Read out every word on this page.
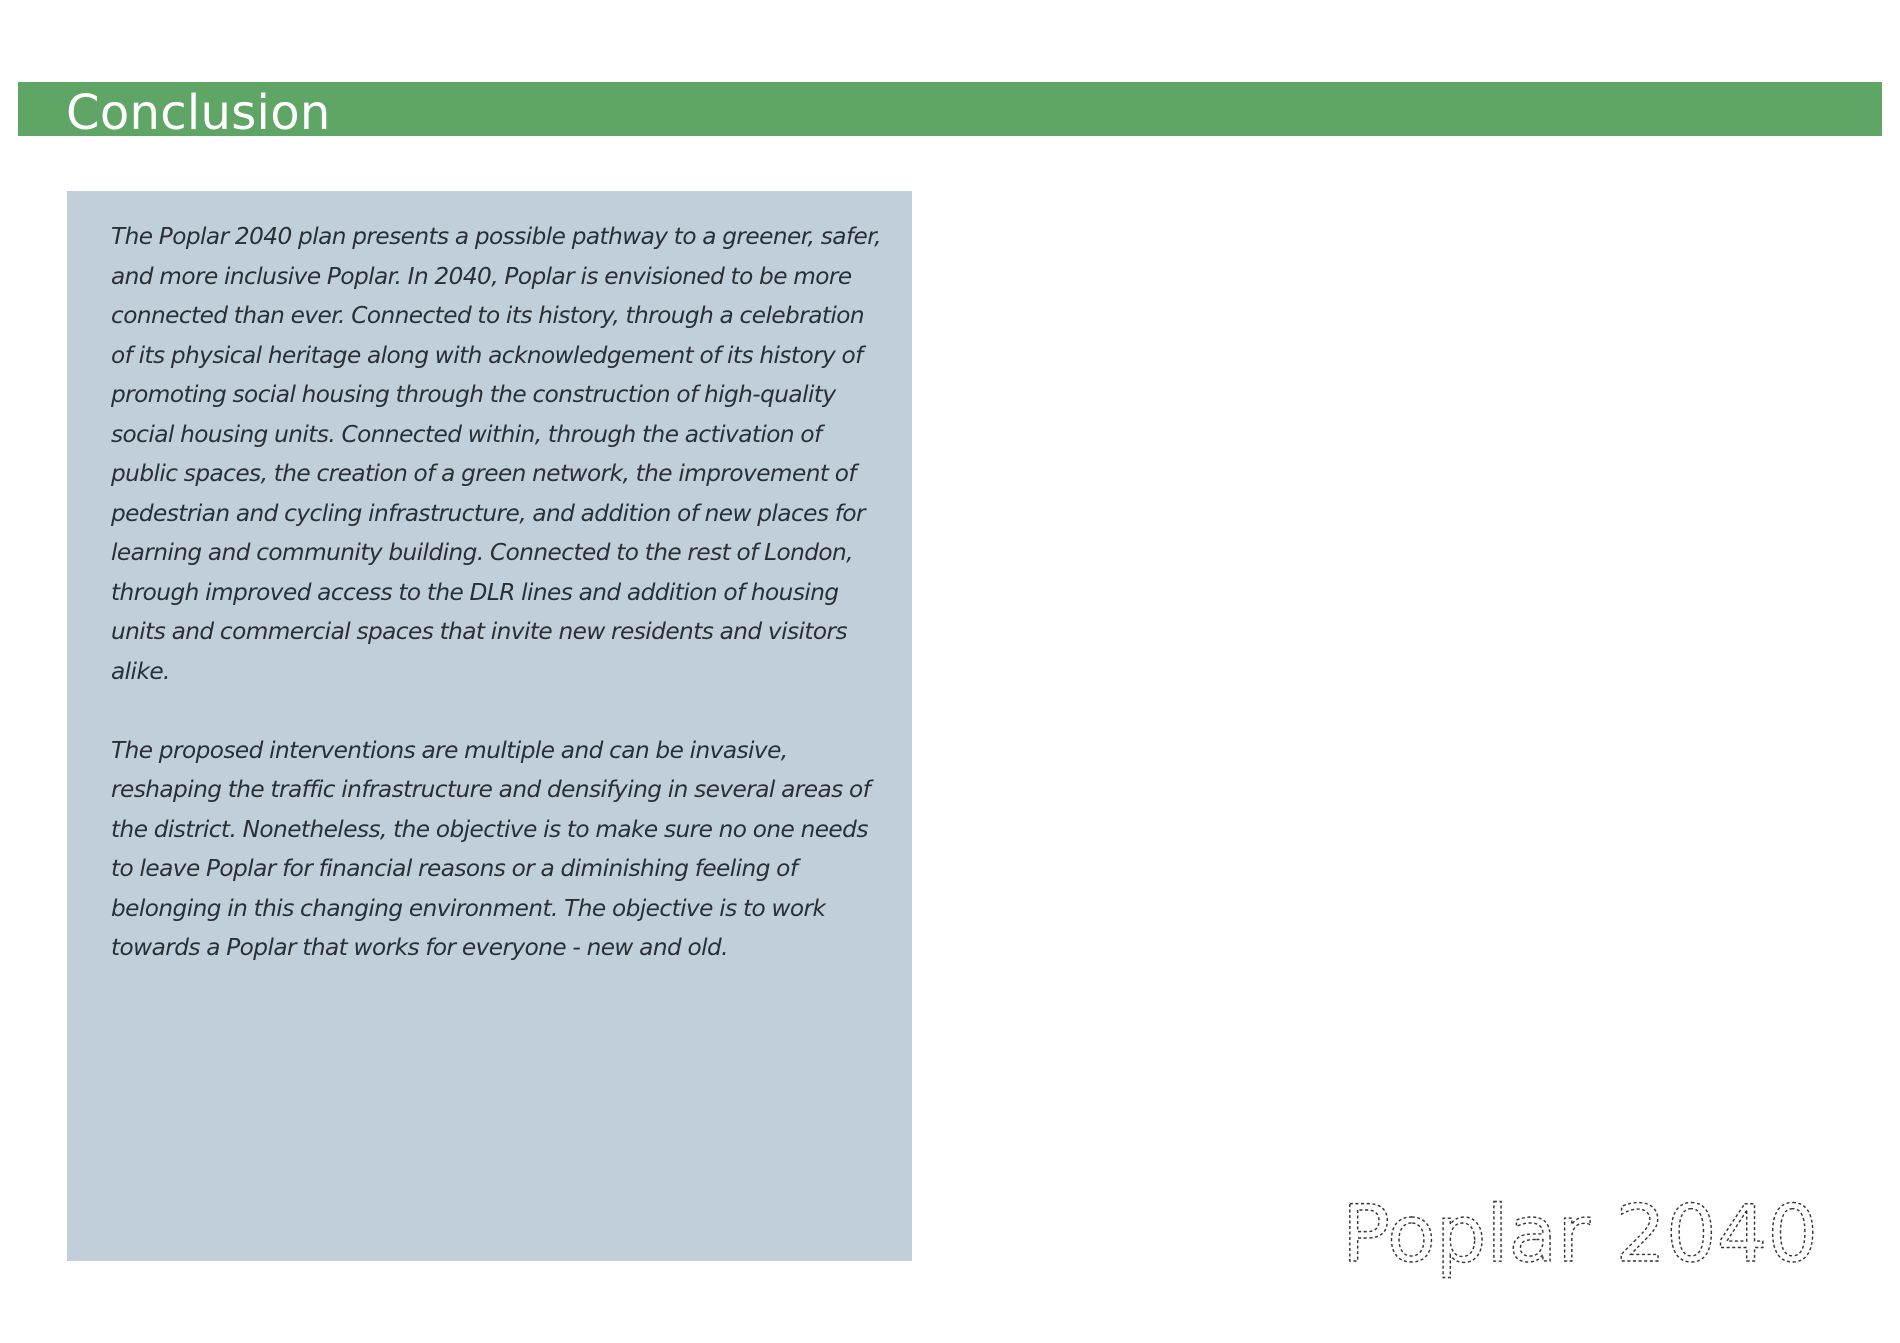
Conclusion

The Poplar 2040 plan presents a possible pathway to a greener, safer, and more inclusive Poplar. In 2040, Poplar is envisioned to be more connected than ever. Connected to its history, through a celebration of its physical heritage along with acknowledgement of its history of promoting social housing through the construction of high-quality social housing units. Connected within, through the activation of public spaces, the creation of a green network, the improvement of pedestrian and cycling infrastructure, and addition of new places for learning and community building. Connected to the rest of London, through improved access to the DLR lines and addition of housing units and commercial spaces that invite new residents and visitors alike.

The proposed interventions are multiple and can be invasive, reshaping the traffic infrastructure and densifying in several areas of the district. Nonetheless, the objective is to make sure no one needs to leave Poplar for financial reasons or a diminishing feeling of belonging in this changing environment. The objective is to work towards a Poplar that works for everyone - new and old.

Poplar 2040
